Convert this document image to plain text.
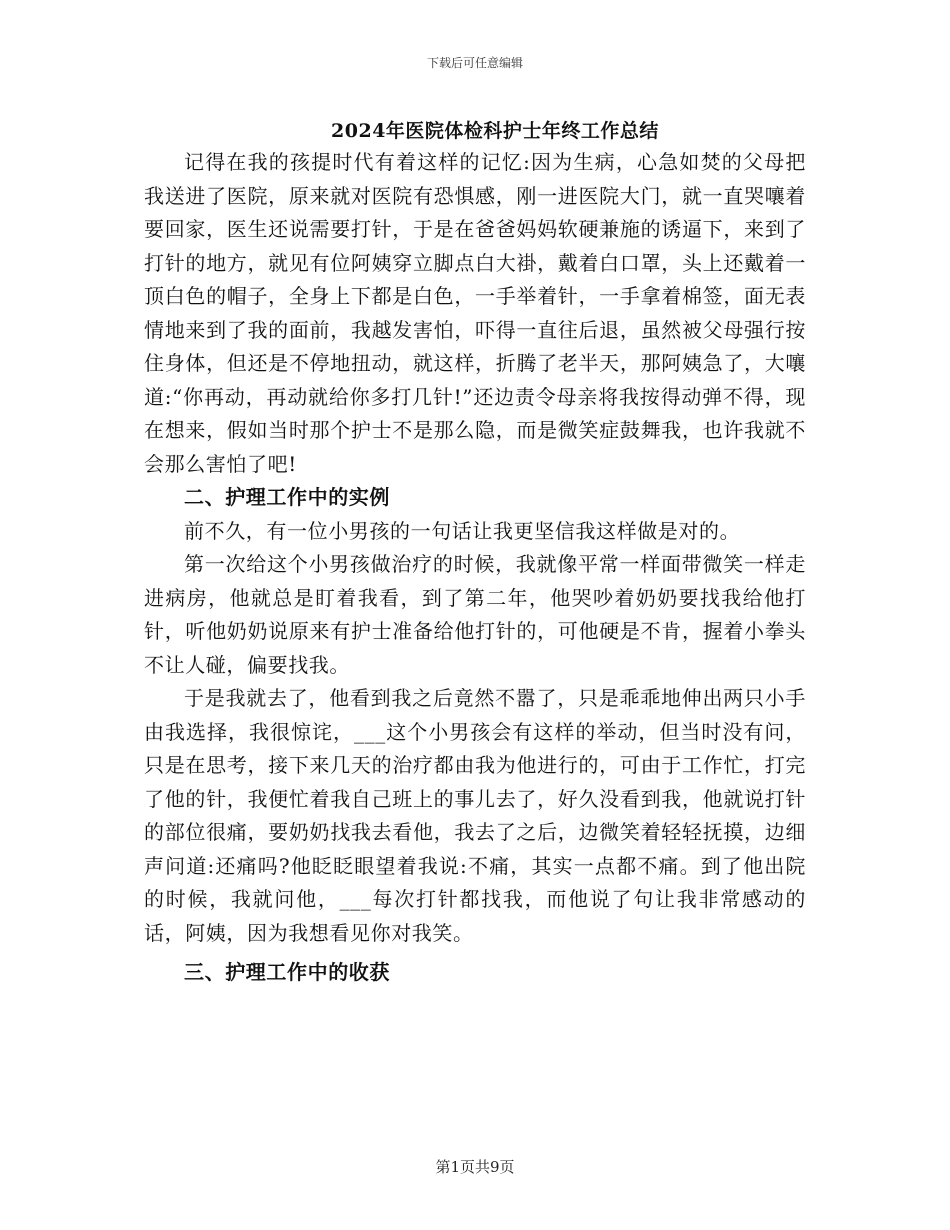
下载后可任意编辑
2024年医院体检科护士年终工作总结

记得在我的孩提时代有着这样的记忆:因为生病，心急如焚的父母把我送进了医院，原来就对医院有恐惧感，刚一进医院大门，就一直哭嚷着要回家，医生还说需要打针，于是在爸爸妈妈软硬兼施的诱逼下，来到了打针的地方，就见有位阿姨穿立脚点白大褂，戴着白口罩，头上还戴着一顶白色的帽子，全身上下都是白色，一手举着针，一手拿着棉签，面无表情地来到了我的面前，我越发害怕，吓得一直往后退，虽然被父母强行按住身体，但还是不停地扭动，就这样，折腾了老半天，那阿姨急了，大嚷道:“你再动，再动就给你多打几针!”还边责令母亲将我按得动弹不得，现在想来，假如当时那个护士不是那么隐，而是微笑症鼓舞我，也许我就不会那么害怕了吧!

二、护理工作中的实例

前不久，有一位小男孩的一句话让我更坚信我这样做是对的。

第一次给这个小男孩做治疗的时候，我就像平常一样面带微笑一样走进病房，他就总是盯着我看，到了第二年，他哭吵着奶奶要找我给他打针，听他奶奶说原来有护士准备给他打针的，可他硬是不肯，握着小拳头不让人碰，偏要找我。

于是我就去了，他看到我之后竟然不嚣了，只是乖乖地伸出两只小手由我选择，我很惊诧，___这个小男孩会有这样的举动，但当时没有问，只是在思考，接下来几天的治疗都由我为他进行的，可由于工作忙，打完了他的针，我便忙着我自己班上的事儿去了，好久没看到我，他就说打针的部位很痛，要奶奶找我去看他，我去了之后，边微笑着轻轻抚摸，边细声问道:还痛吗?他眨眨眼望着我说:不痛，其实一点都不痛。到了他出院的时候，我就问他，___每次打针都找我，而他说了句让我非常感动的话，阿姨，因为我想看见你对我笑。

三、护理工作中的收获

第1页共9页
